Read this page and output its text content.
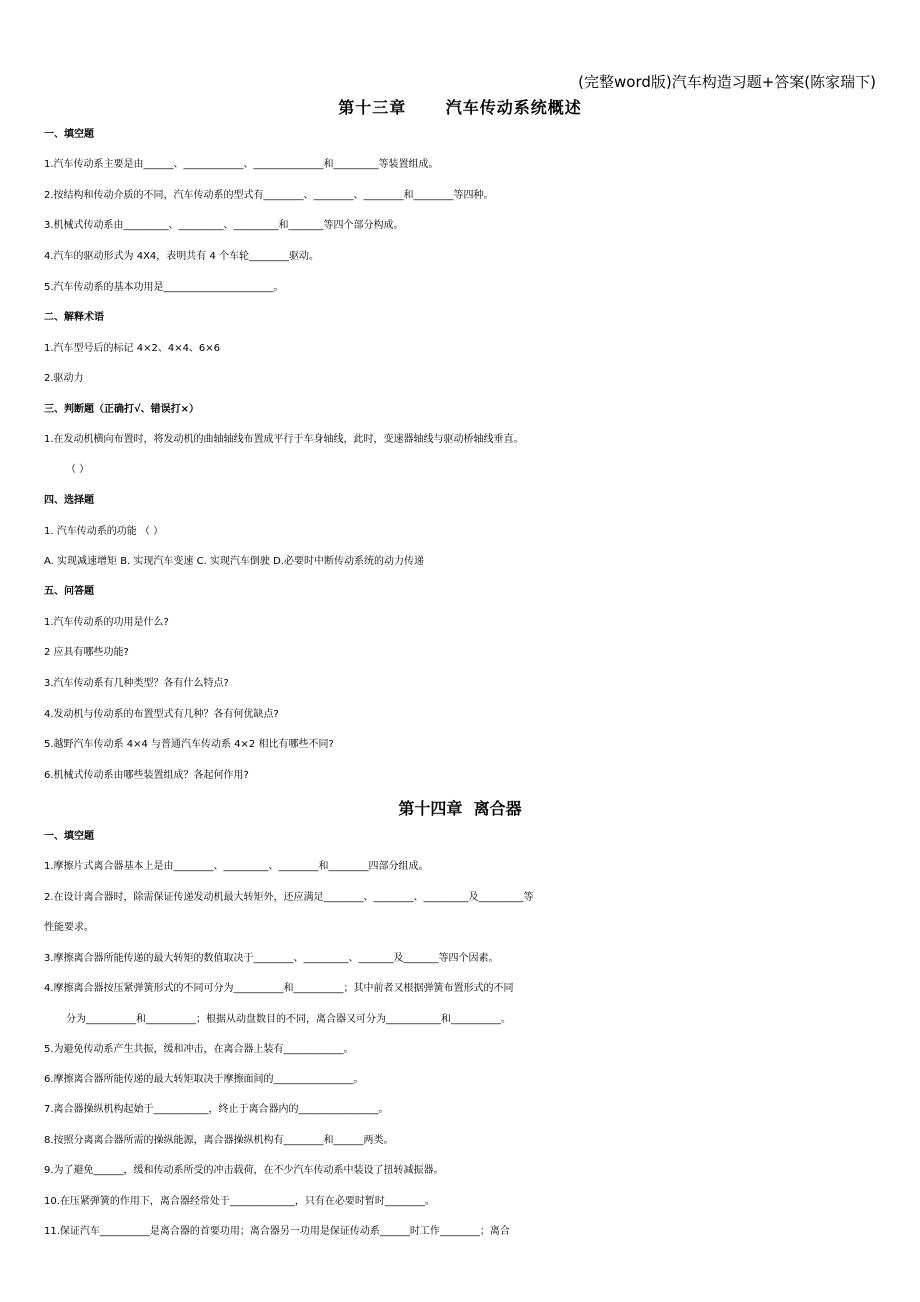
(完整word版)汽车构造习题+答案(陈家瑞下)
第十三章      汽车传动系统概述
一、填空题
1.汽车传动系主要是由______、____________、______________和_________等装置组成。
2.按结构和传动介质的不同，汽车传动系的型式有________、________、________和________等四种。
3.机械式传动系由_________、_________、_________和_______等四个部分构成。
4.汽车的驱动形式为 4X4，表明共有 4 个车轮________驱动。
5.汽车传动系的基本功用是______________________。
二、解释术语
1.汽车型号后的标记 4×2、4×4、6×6
2.驱动力
三、判断题（正确打√、错误打×）
1.在发动机横向布置时，将发动机的曲轴轴线布置成平行于车身轴线，此时，变速器轴线与驱动桥轴线垂直。
（ ）
四、选择题
1. 汽车传动系的功能 （ ）
A. 实现减速增矩 B. 实现汽车变速 C. 实现汽车倒驶 D.必要时中断传动系统的动力传递
五、问答题
1.汽车传动系的功用是什么?
2 应具有哪些功能?
3.汽车传动系有几种类型？各有什么特点?
4.发动机与传动系的布置型式有几种？各有何优缺点?
5.越野汽车传动系 4×4 与普通汽车传动系 4×2 相比有哪些不同?
6.机械式传动系由哪些装置组成？各起何作用?
第十四章  离合器
一、填空题
1.摩擦片式离合器基本上是由________、_________、________和________四部分组成。
2.在设计离合器时，除需保证传递发动机最大转矩外，还应满足________、________、_________及_________等
性能要求。
3.摩擦离合器所能传递的最大转矩的数值取决于________、_________、_______及_______等四个因素。
4.摩擦离合器按压紧弹簧形式的不同可分为__________和__________；其中前者又根据弹簧布置形式的不同
分为__________和__________；根据从动盘数目的不同，离合器又可分为___________和__________。
5.为避免传动系产生共振，缓和冲击，在离合器上装有____________。
6.摩擦离合器所能传递的最大转矩取决于摩擦面间的________________。
7.离合器操纵机构起始于___________，终止于离合器内的________________。
8.按照分离离合器所需的操纵能源，离合器操纵机构有________和______两类。
9.为了避免______，缓和传动系所受的冲击载荷，在不少汽车传动系中装设了扭转减振器。
10.在压紧弹簧的作用下，离合器经常处于_____________，只有在必要时暂时________。
11.保证汽车__________是离合器的首要功用；离合器另一功用是保证传动系______时工作________；离合
